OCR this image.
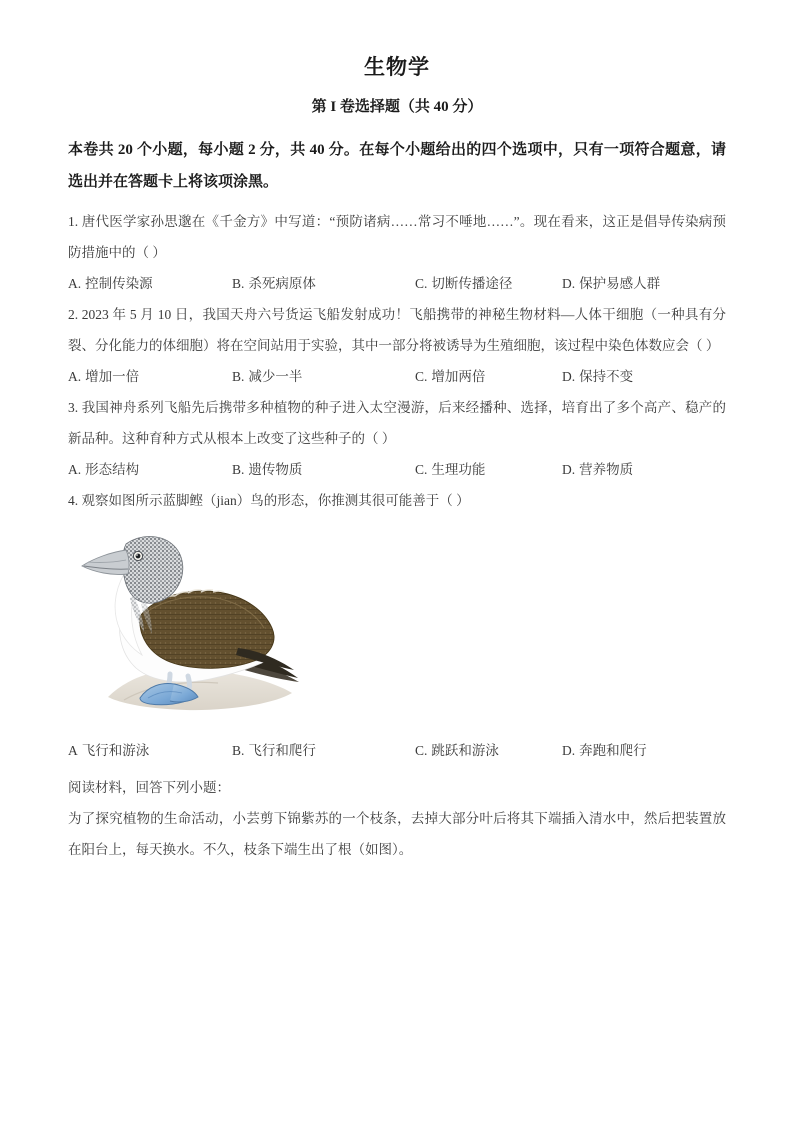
生物学
第 I 卷选择题（共 40 分）

本卷共 20 个小题，每小题 2 分，共 40 分。在每个小题给出的四个选项中，只有一项符合题意，请选出并在答题卡上将该项涂黑。

1. 唐代医学家孙思邈在《千金方》中写道：“预防诸病……常习不唾地……”。现在看来，这正是倡导传染病预防措施中的（ ）

A. 控制传染源	B. 杀死病原体	C. 切断传播途径	D. 保护易感人群

2. 2023 年 5 月 10 日，我国天舟六号货运飞船发射成功！飞船携带的神秘生物材料—人体干细胞（一种具有分裂、分化能力的体细胞）将在空间站用于实验，其中一部分将被诱导为生殖细胞，该过程中染色体数应会（ ）

A. 增加一倍	B. 减少一半	C. 增加两倍	D. 保持不变

3. 我国神舟系列飞船先后携带多种植物的种子进入太空漫游，后来经播种、选择，培育出了多个高产、稳产的新品种。这种育种方式从根本上改变了这些种子的（ ）

A. 形态结构	B. 遗传物质	C. 生理功能	D. 营养物质

4. 观察如图所示蓝脚鲣（jian）鸟的形态，你推测其很可能善于（ ）

A 飞行和游泳	B. 飞行和爬行	C. 跳跃和游泳	D. 奔跑和爬行

阅读材料，回答下列小题：

为了探究植物的生命活动，小芸剪下锦紫苏的一个枝条，去掉大部分叶后将其下端插入清水中，然后把装置放在阳台上，每天换水。不久，枝条下端生出了根（如图）。
